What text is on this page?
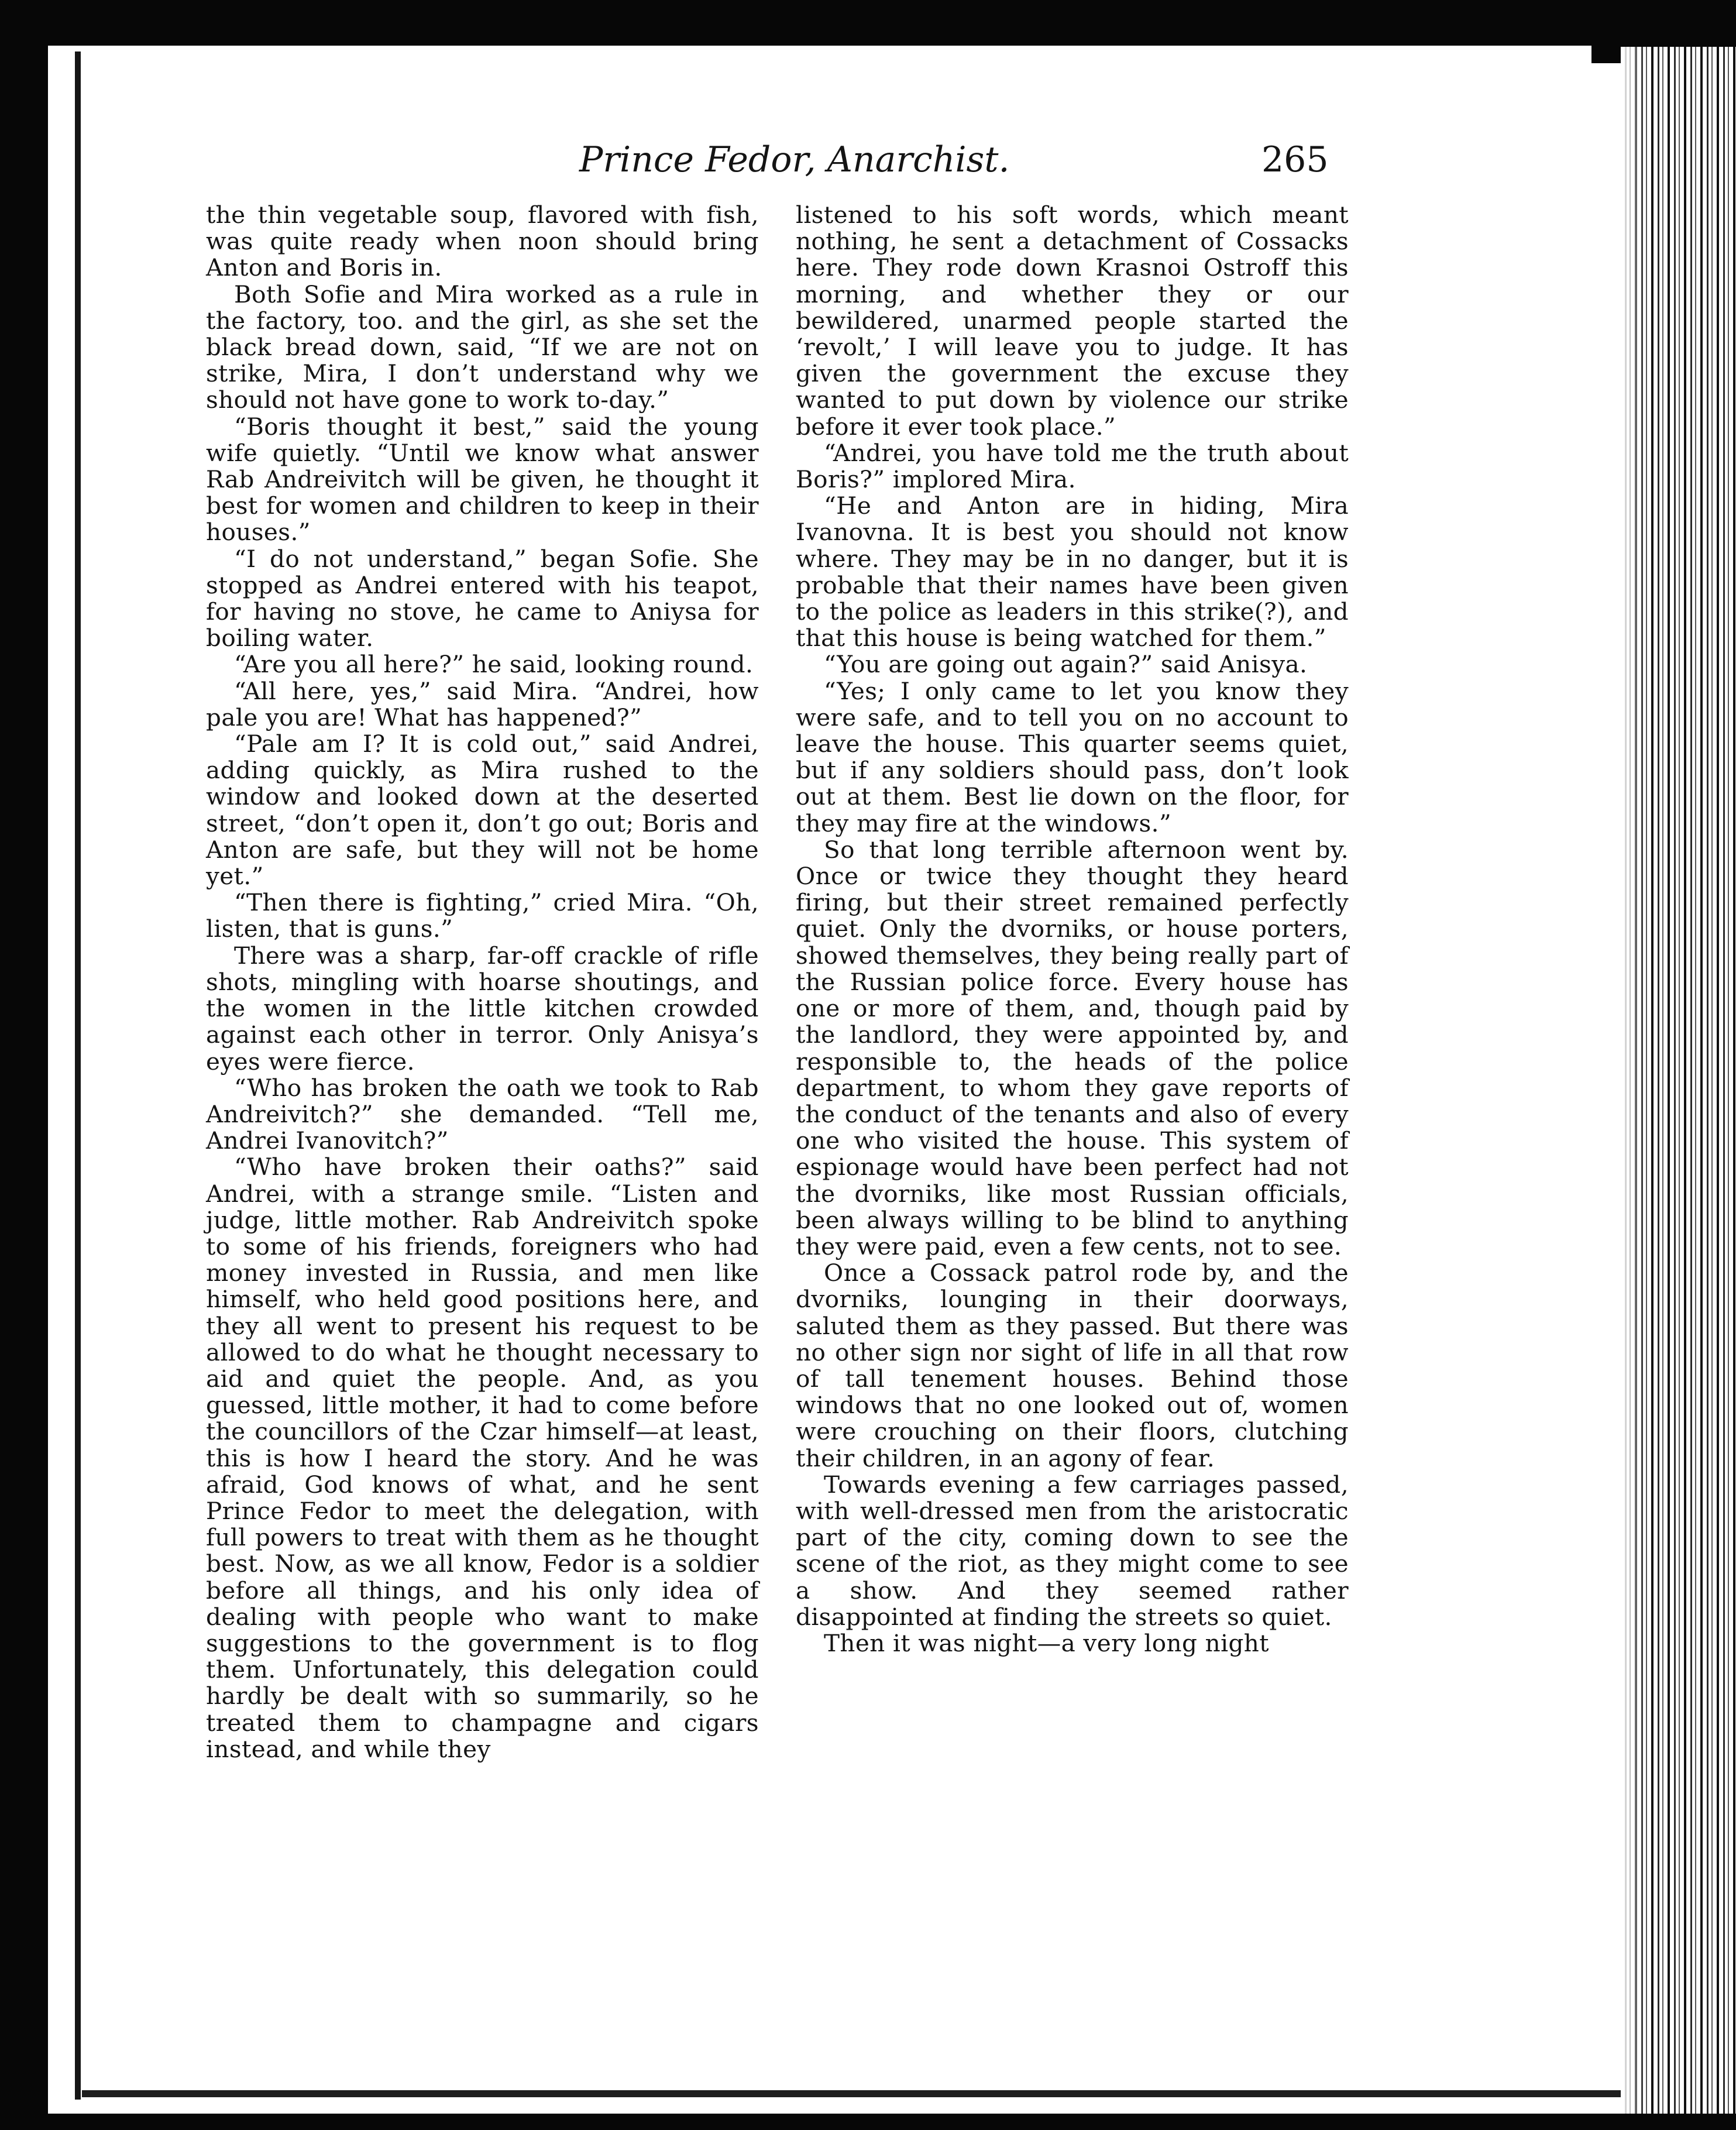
Prince Fedor, Anarchist.	265

the thin vegetable soup, flavored with fish, was quite ready when noon should bring Anton and Boris in.

Both Sofie and Mira worked as a rule in the factory, too. and the girl, as she set the black bread down, said, “If we are not on strike, Mira, I don’t understand why we should not have gone to work to-day.”

“Boris thought it best,” said the young wife quietly. “Until we know what answer Rab Andreivitch will be given, he thought it best for women and children to keep in their houses.”

“I do not understand,” began Sofie. She stopped as Andrei entered with his teapot, for having no stove, he came to Aniysa for boiling water.

“Are you all here?” he said, looking round.

“All here, yes,” said Mira. “Andrei, how pale you are! What has happened?”

“Pale am I? It is cold out,” said Andrei, adding quickly, as Mira rushed to the window and looked down at the deserted street, “don’t open it, don’t go out; Boris and Anton are safe, but they will not be home yet.”

“Then there is fighting,” cried Mira. “Oh, listen, that is guns.”

There was a sharp, far-off crackle of rifle shots, mingling with hoarse shoutings, and the women in the little kitchen crowded against each other in terror. Only Anisya’s eyes were fierce.

“Who has broken the oath we took to Rab Andreivitch?” she demanded. “Tell me, Andrei Ivanovitch?”

“Who have broken their oaths?” said Andrei, with a strange smile. “Listen and judge, little mother. Rab Andreivitch spoke to some of his friends, foreigners who had money invested in Russia, and men like himself, who held good positions here, and they all went to present his request to be allowed to do what he thought necessary to aid and quiet the people. And, as you guessed, little mother, it had to come before the councillors of the Czar himself—at least, this is how I heard the story. And he was afraid, God knows of what, and he sent Prince Fedor to meet the delegation, with full powers to treat with them as he thought best. Now, as we all know, Fedor is a soldier before all things, and his only idea of dealing with people who want to make suggestions to the government is to flog them. Unfortunately, this delegation could hardly be dealt with so summarily, so he treated them to champagne and cigars instead, and while they

listened to his soft words, which meant nothing, he sent a detachment of Cossacks here. They rode down Krasnoi Ostroff this morning, and whether they or our bewildered, unarmed people started the ‘revolt,’ I will leave you to judge. It has given the government the excuse they wanted to put down by violence our strike before it ever took place.”

“Andrei, you have told me the truth about Boris?” implored Mira.

“He and Anton are in hiding, Mira Ivanovna. It is best you should not know where. They may be in no danger, but it is probable that their names have been given to the police as leaders in this strike(?), and that this house is being watched for them.”

“You are going out again?” said Anisya.

“Yes; I only came to let you know they were safe, and to tell you on no account to leave the house. This quarter seems quiet, but if any soldiers should pass, don’t look out at them. Best lie down on the floor, for they may fire at the windows.”

So that long terrible afternoon went by. Once or twice they thought they heard firing, but their street remained perfectly quiet. Only the dvorniks, or house porters, showed themselves, they being really part of the Russian police force. Every house has one or more of them, and, though paid by the landlord, they were appointed by, and responsible to, the heads of the police department, to whom they gave reports of the conduct of the tenants and also of every one who visited the house. This system of espionage would have been perfect had not the dvorniks, like most Russian officials, been always willing to be blind to anything they were paid, even a few cents, not to see.

Once a Cossack patrol rode by, and the dvorniks, lounging in their doorways, saluted them as they passed. But there was no other sign nor sight of life in all that row of tall tenement houses. Behind those windows that no one looked out of, women were crouching on their floors, clutching their children, in an agony of fear.

Towards evening a few carriages passed, with well-dressed men from the aristocratic part of the city, coming down to see the scene of the riot, as they might come to see a show. And they seemed rather disappointed at finding the streets so quiet.

Then it was night—a very long night
